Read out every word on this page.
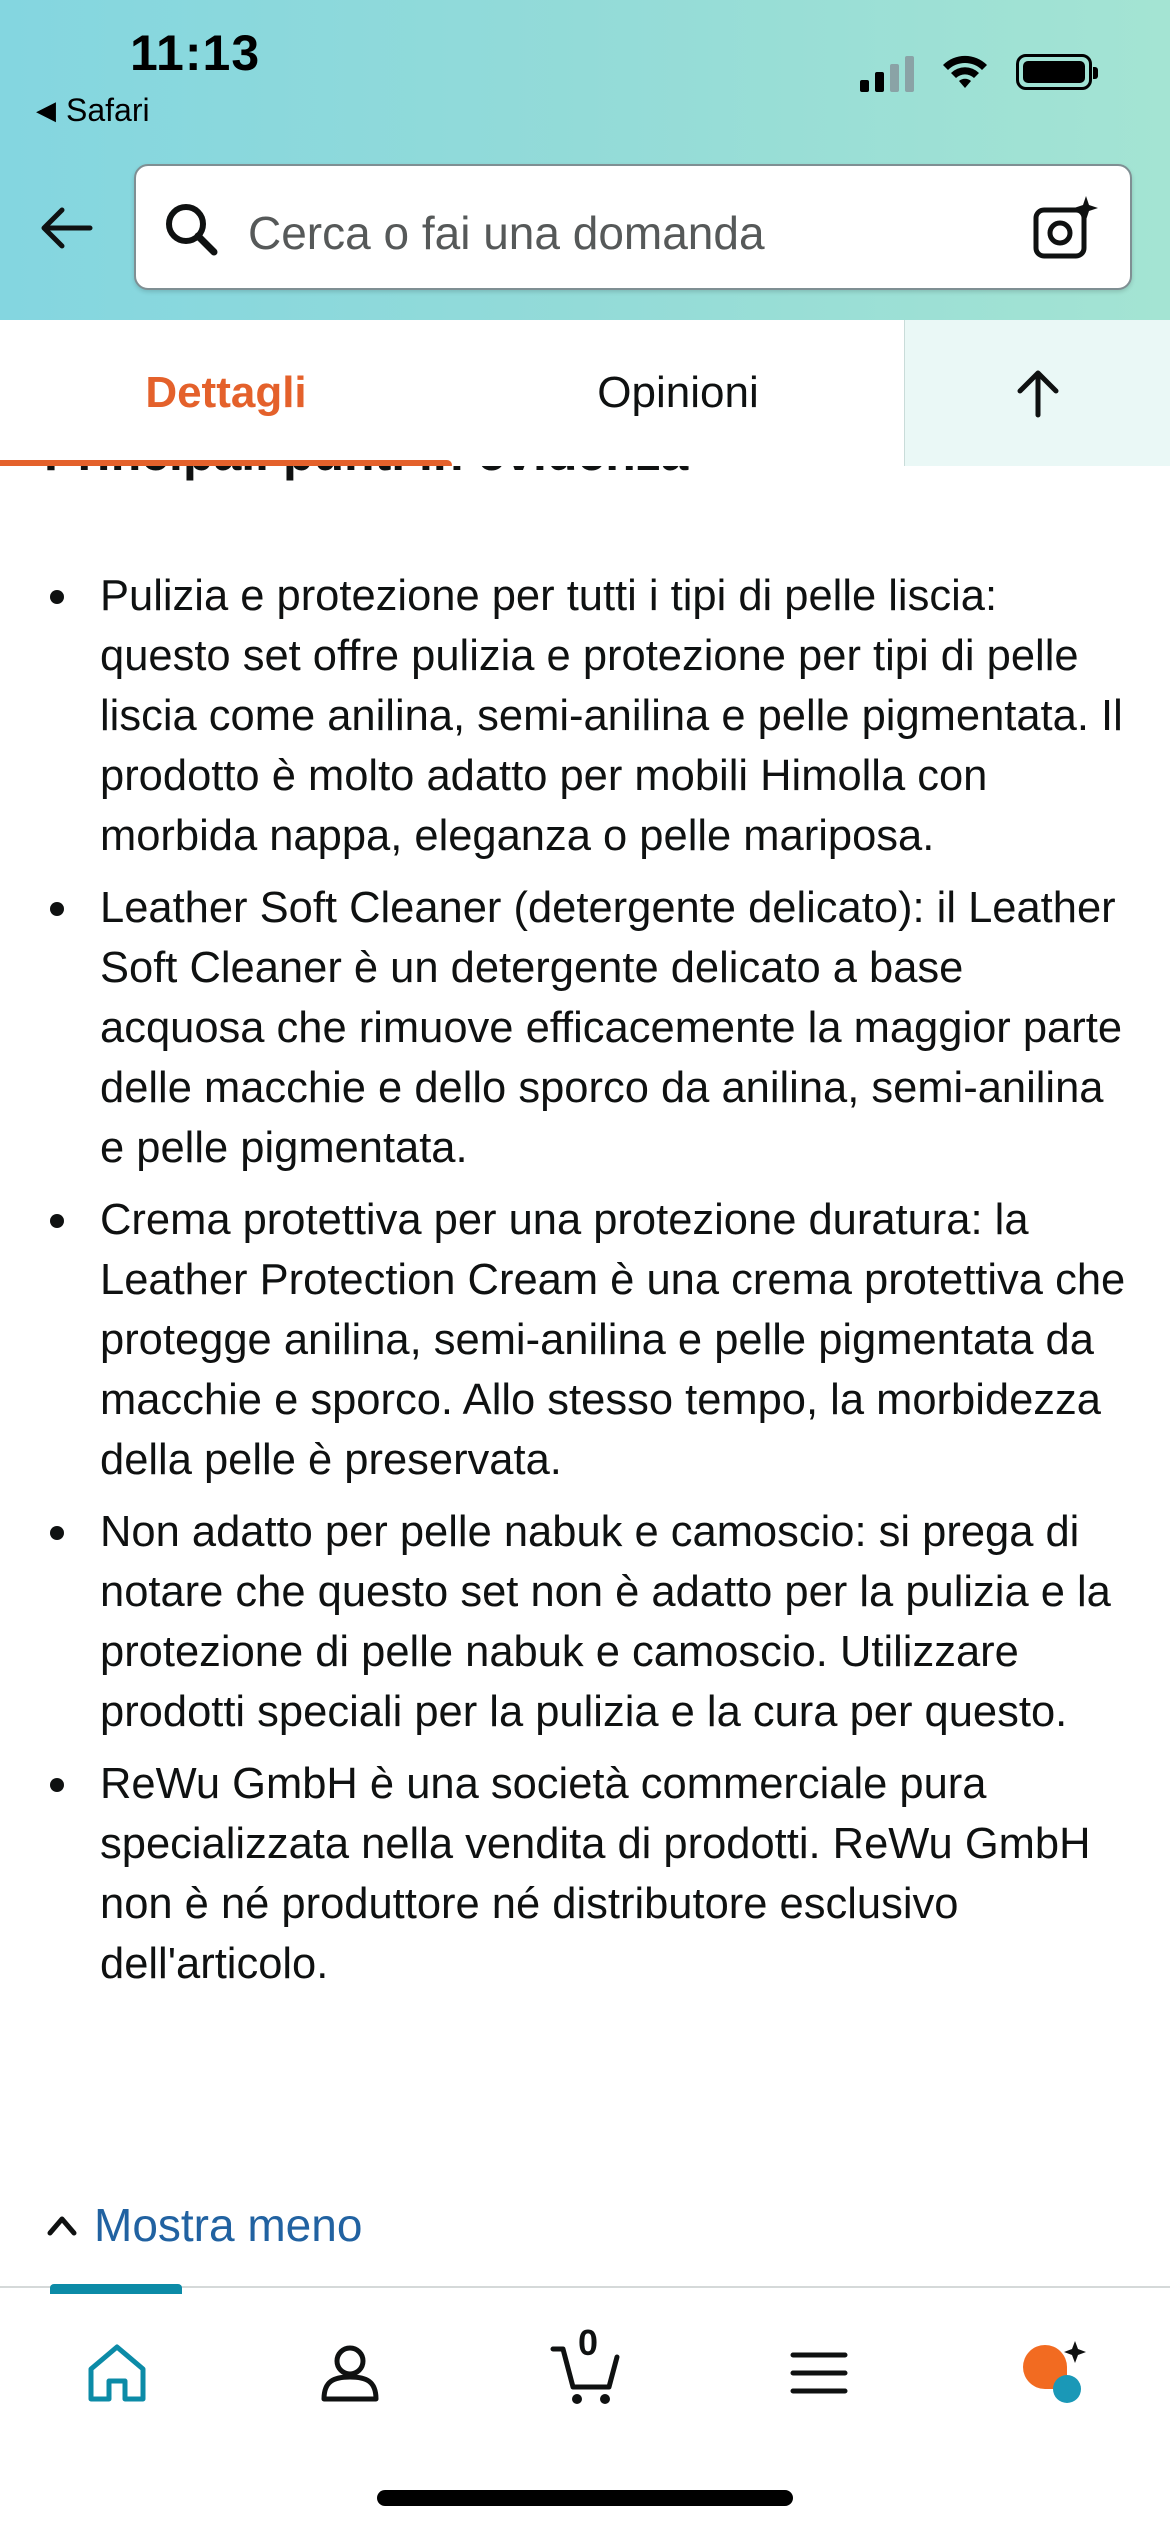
11:13
◀ Safari
Cerca o fai una domanda
Dettagli	Opinioni
Pulizia e protezione per tutti i tipi di pelle liscia: questo set offre pulizia e protezione per tipi di pelle liscia come anilina, semi-anilina e pelle pigmentata. Il prodotto è molto adatto per mobili Himolla con morbida nappa, eleganza o pelle mariposa.
Leather Soft Cleaner (detergente delicato): il Leather Soft Cleaner è un detergente delicato a base acquosa che rimuove efficacemente la maggior parte delle macchie e dello sporco da anilina, semi-anilina e pelle pigmentata.
Crema protettiva per una protezione duratura: la Leather Protection Cream è una crema protettiva che protegge anilina, semi-anilina e pelle pigmentata da macchie e sporco. Allo stesso tempo, la morbidezza della pelle è preservata.
Non adatto per pelle nabuk e camoscio: si prega di notare che questo set non è adatto per la pulizia e la protezione di pelle nabuk e camoscio. Utilizzare prodotti speciali per la pulizia e la cura per questo.
ReWu GmbH è una società commerciale pura specializzata nella vendita di prodotti. ReWu GmbH non è né produttore né distributore esclusivo dell'articolo.
Mostra meno
0
